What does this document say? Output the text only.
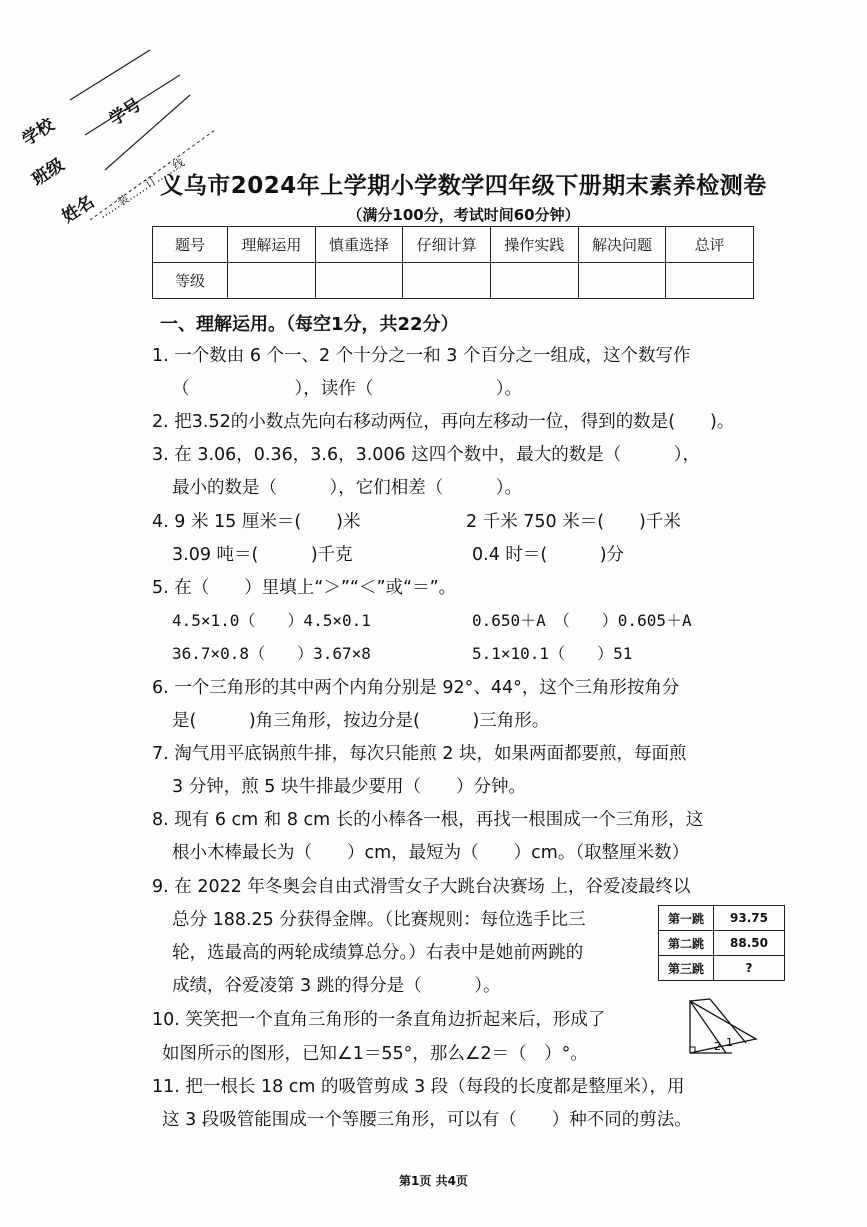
学校
班级
学号
姓名
……装……订……线
义乌市2024年上学期小学数学四年级下册期末素养检测卷
（满分100分，考试时间60分钟）
题号	理解运用	慎重选择	仔细计算	操作实践	解决问题	总评
等级						
一、理解运用。（每空1分，共22分）
1. 一个数由 6 个一、2 个十分之一和 3 个百分之一组成，这个数写作
（　　　　　　），读作（　　　　　　　）。
2. 把3.52的小数点先向右移动两位，再向左移动一位，得到的数是(　　)。
3. 在 3.06，0.36，3.6，3.006 这四个数中，最大的数是（　　　），
最小的数是（　　　），它们相差（　　　）。
4. 9 米 15 厘米＝(　　)米	2 千米 750 米＝(　　)千米
3.09 吨＝(　　　)千克	0.4 时＝(　　　)分
5. 在（　　）里填上“＞”“＜”或“＝”。
4.5×1.0（　　）4.5×0.1	0.650＋A　（　　）0.605＋A
36.7×0.8（　　）3.67×8	5.1×10.1（　　）51
6. 一个三角形的其中两个内角分别是 92°、44°，这个三角形按角分
是(　　　)角三角形，按边分是(　　　)三角形。
7. 淘气用平底锅煎牛排，每次只能煎 2 块，如果两面都要煎，每面煎
3 分钟，煎 5 块牛排最少要用（　　）分钟。
8. 现有 6 cm 和 8 cm 长的小棒各一根，再找一根围成一个三角形，这
根小木棒最长为（　　）cm，最短为（　　）cm。（取整厘米数）
9. 在 2022 年冬奥会自由式滑雪女子大跳台决赛场 上，谷爱凌最终以
总分 188.25 分获得金牌。（比赛规则：每位选手比三
轮，选最高的两轮成绩算总分。）右表中是她前两跳的
成绩，谷爱凌第 3 跳的得分是（　　　）。
10. 笑笑把一个直角三角形的一条直角边折起来后，形成了
如图所示的图形，已知∠1＝55°，那么∠2＝（　）°。
11. 把一根长 18 cm 的吸管剪成 3 段（每段的长度都是整厘米），用
这 3 段吸管能围成一个等腰三角形，可以有（　　）种不同的剪法。
第一跳	93.75
第二跳	88.50
第三跳	?
2 1
第1页 共4页
